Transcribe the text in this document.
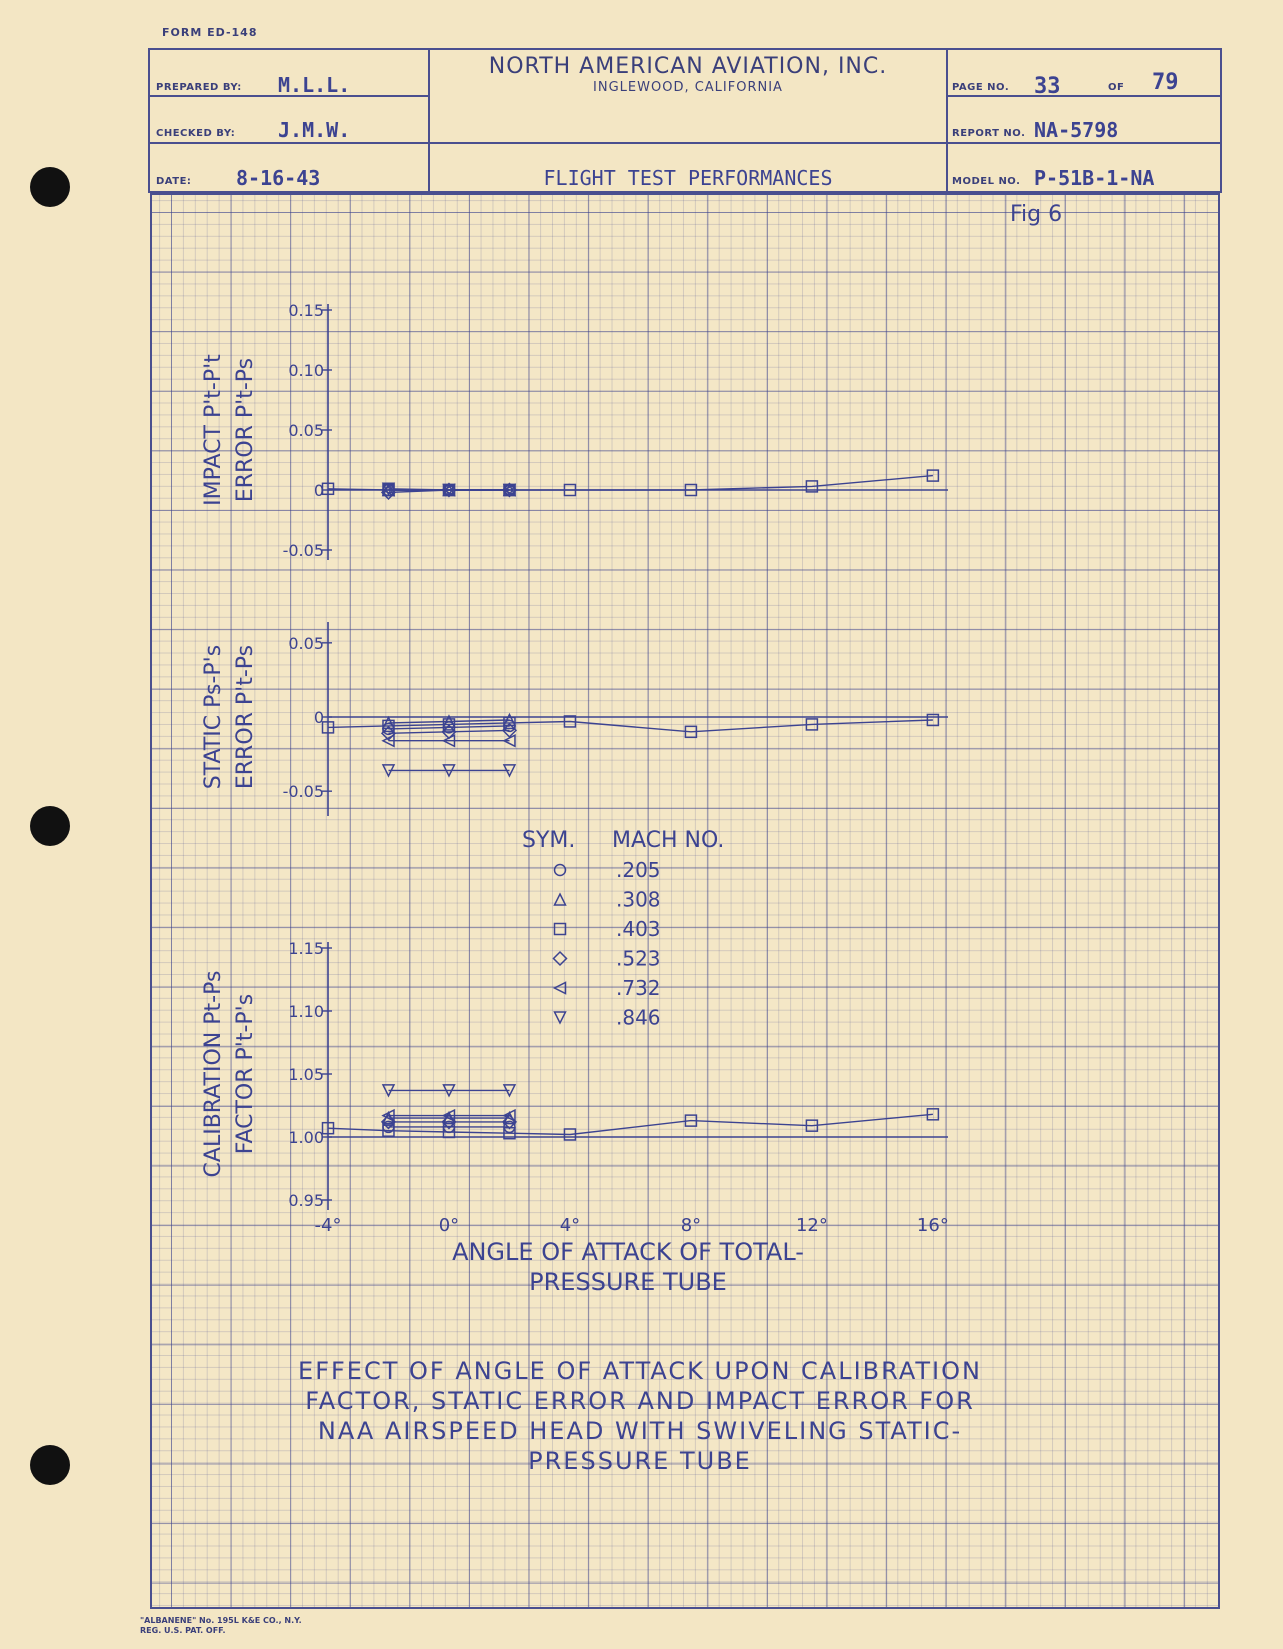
FORM ED-148
PREPARED BY: M.L.L.
CHECKED BY: J.M.W.
DATE: 8-16-43
NORTH AMERICAN AVIATION, INC.
INGLEWOOD, CALIFORNIA
FLIGHT TEST PERFORMANCES
PAGE NO. 33	OF 79
REPORT NO. NA-5798
MODEL NO. P-51B-1-NA
Fig 6
-0.05
0
0.05
0.10
0.15
IMPACT P't-P't ERROR P't-Ps
-0.05
0
0.05
STATIC Ps-P's ERROR P't-Ps
0.95
1.00
1.05
1.10
1.15
CALIBRATION Pt-Ps FACTOR P't-P's
-4°	0°	4°	8°	12°	16°
ANGLE OF ATTACK OF TOTAL-
PRESSURE TUBE
SYM. MACH NO.
.205
.308
.403
.523
.732
.846
EFFECT OF ANGLE OF ATTACK UPON CALIBRATION
FACTOR, STATIC ERROR AND IMPACT ERROR FOR
NAA AIRSPEED HEAD WITH SWIVELING STATIC-
PRESSURE TUBE
"ALBANENE" No. 195L K&E CO., N.Y.
REG. U.S. PAT. OFF.
